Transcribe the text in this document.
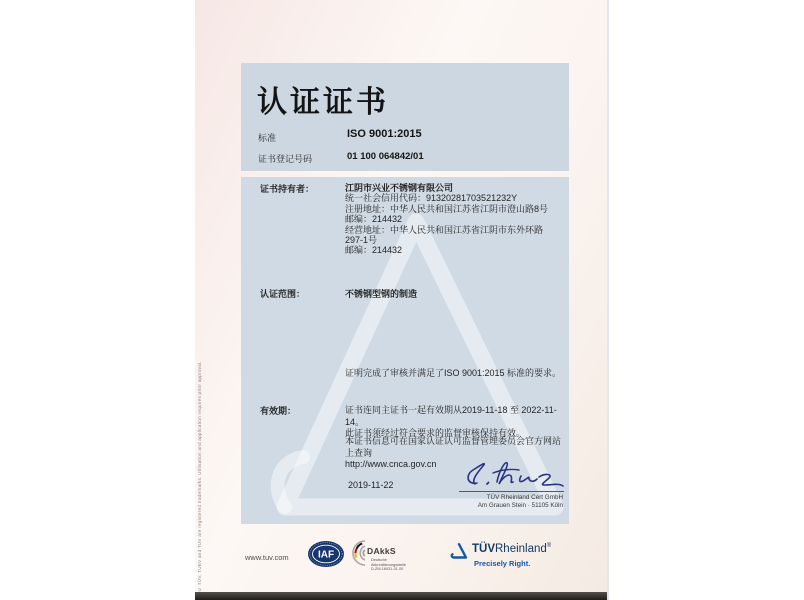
© TÜV, TUEV and TUV are registered trademarks. Utilisation and application requires prior approval.
认证证书
标准	ISO 9001:2015
证书登记号码	01 100 064842/01
证书持有者：	江阴市兴业不锈钢有限公司
统一社会信用代码：91320281703521232Y
注册地址：中华人民共和国江苏省江阴市澄山路8号
邮编：214432
经营地址：中华人民共和国江苏省江阴市东外环路297-1号
邮编：214432
认证范围：	不锈钢型钢的制造
证明完成了审核并满足了ISO 9001:2015 标准的要求。
有效期：	证书连同主证书一起有效期从2019-11-18 至 2022-11-14。
此证书须经过符合要求的监督审核保持有效。
本证书信息可在国家认证认可监督管理委员会官方网站上查询
http://www.cnca.gov.cn
2019-11-22
TÜV Rheinland Cert GmbH
Am Grauen Stein · 51105 Köln
www.tuv.com	IAF	DAkkS
Deutsche
Akkreditierungsstelle
D-ZM-16031-01-00
TÜVRheinland®
Precisely Right.
